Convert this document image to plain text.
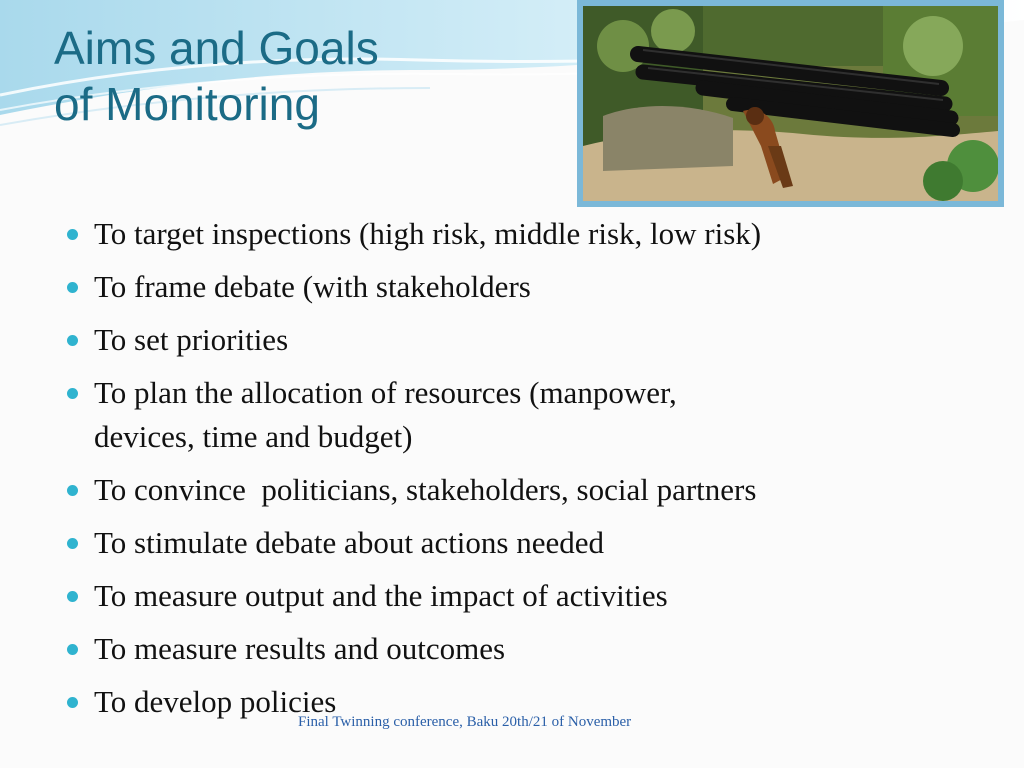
Aims and Goals
of Monitoring
To target inspections (high risk, middle risk, low risk)
To frame debate (with stakeholders
To set priorities
To plan the allocation of resources (manpower,
devices, time and budget)
To convince  politicians, stakeholders, social partners
To stimulate debate about actions needed
To measure output and the impact of activities
To measure results and outcomes
To develop policies
Final Twinning conference, Baku 20th/21 of November
